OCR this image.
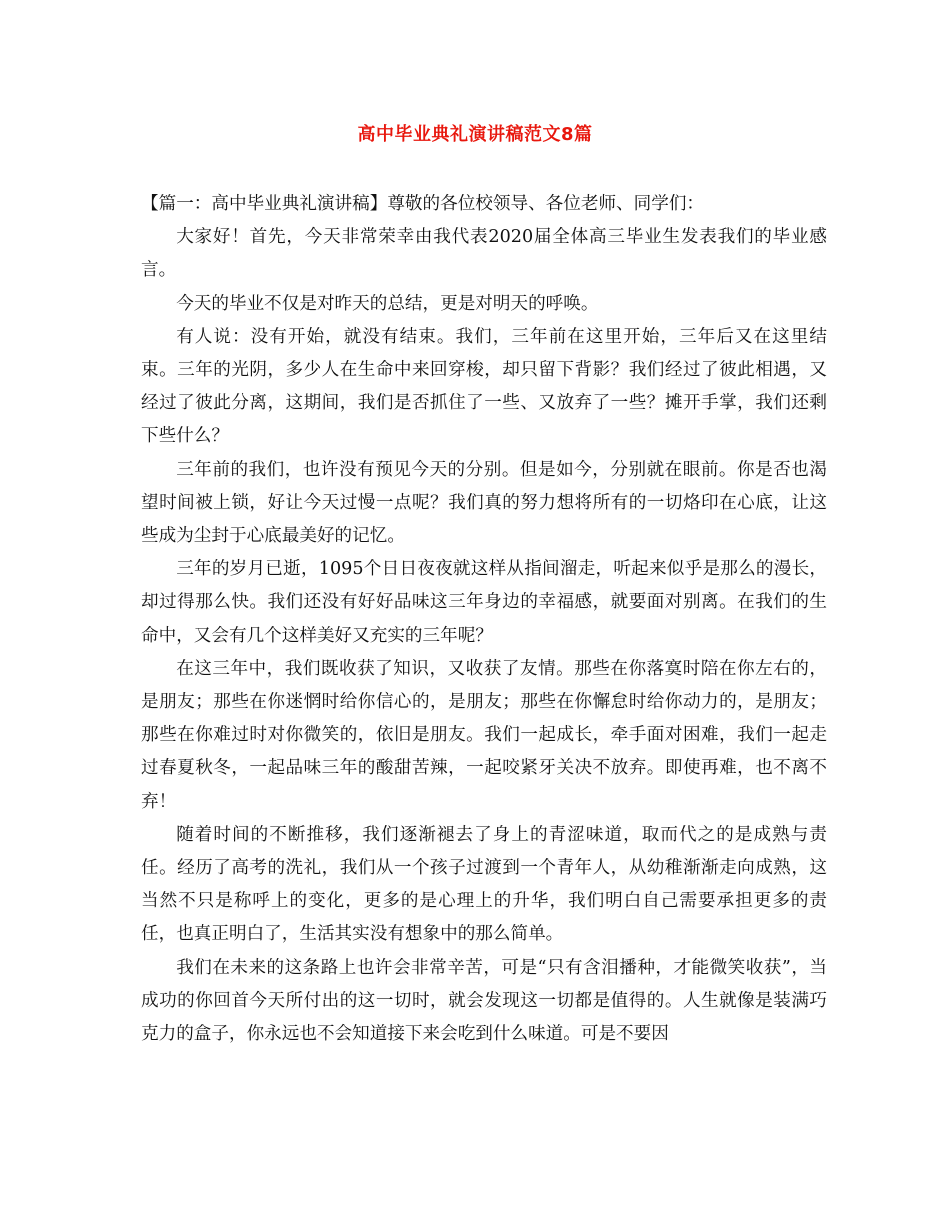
高中毕业典礼演讲稿范文8篇

【篇一：高中毕业典礼演讲稿】尊敬的各位校领导、各位老师、同学们：

大家好！首先，今天非常荣幸由我代表2020届全体高三毕业生发表我们的毕业感言。

今天的毕业不仅是对昨天的总结，更是对明天的呼唤。

有人说：没有开始，就没有结束。我们，三年前在这里开始，三年后又在这里结束。三年的光阴，多少人在生命中来回穿梭，却只留下背影？我们经过了彼此相遇，又经过了彼此分离，这期间，我们是否抓住了一些、又放弃了一些？摊开手掌，我们还剩下些什么？

三年前的我们，也许没有预见今天的分别。但是如今，分别就在眼前。你是否也渴望时间被上锁，好让今天过慢一点呢？我们真的努力想将所有的一切烙印在心底，让这些成为尘封于心底最美好的记忆。

三年的岁月已逝，1095个日日夜夜就这样从指间溜走，听起来似乎是那么的漫长，却过得那么快。我们还没有好好品味这三年身边的幸福感，就要面对别离。在我们的生命中，又会有几个这样美好又充实的三年呢？

在这三年中，我们既收获了知识，又收获了友情。那些在你落寞时陪在你左右的，是朋友；那些在你迷惘时给你信心的，是朋友；那些在你懈怠时给你动力的，是朋友；那些在你难过时对你微笑的，依旧是朋友。我们一起成长，牵手面对困难，我们一起走过春夏秋冬，一起品味三年的酸甜苦辣，一起咬紧牙关决不放弃。即使再难，也不离不弃！

随着时间的不断推移，我们逐渐褪去了身上的青涩味道，取而代之的是成熟与责任。经历了高考的洗礼，我们从一个孩子过渡到一个青年人，从幼稚渐渐走向成熟，这当然不只是称呼上的变化，更多的是心理上的升华，我们明白自己需要承担更多的责任，也真正明白了，生活其实没有想象中的那么简单。

我们在未来的这条路上也许会非常辛苦，可是“只有含泪播种，才能微笑收获”，当成功的你回首今天所付出的这一切时，就会发现这一切都是值得的。人生就像是装满巧克力的盒子，你永远也不会知道接下来会吃到什么味道。可是不要因
